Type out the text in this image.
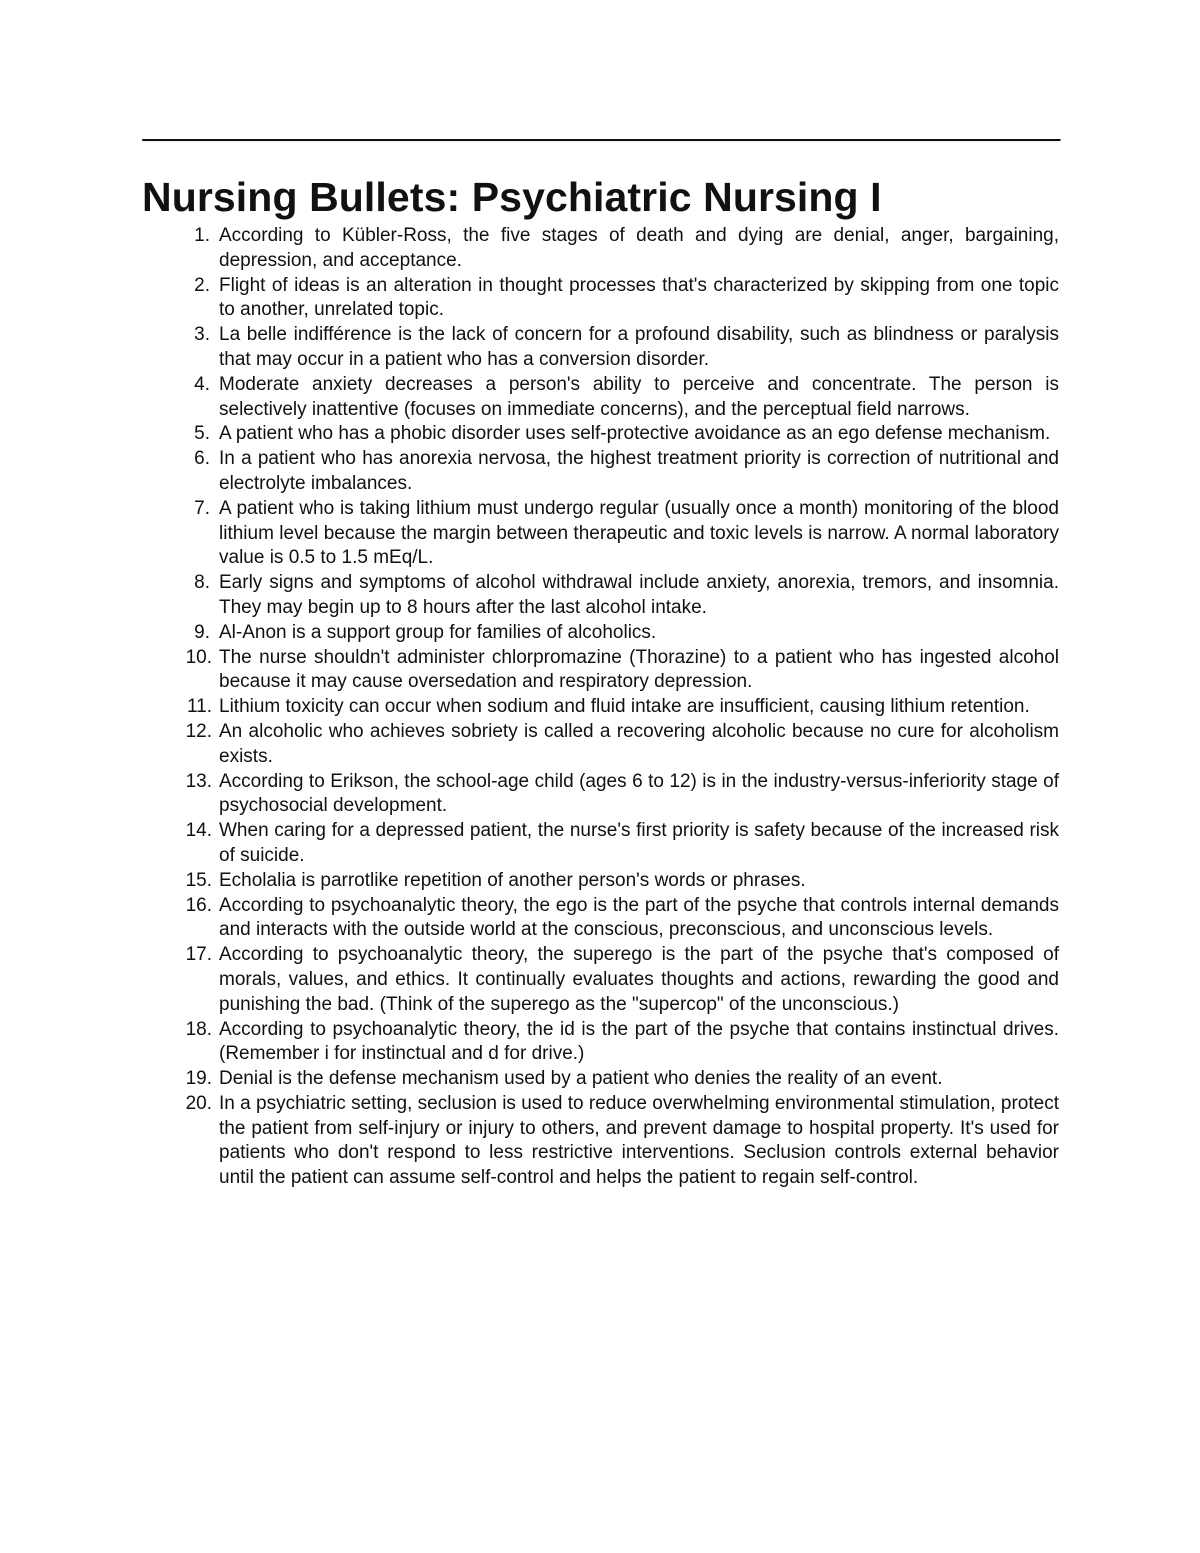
Nursing Bullets: Psychiatric Nursing I
1. According to Kübler-Ross, the five stages of death and dying are denial, anger, bargaining, depression, and acceptance.
2. Flight of ideas is an alteration in thought processes that's characterized by skipping from one topic to another, unrelated topic.
3. La belle indifférence is the lack of concern for a profound disability, such as blindness or paralysis that may occur in a patient who has a conversion disorder.
4. Moderate anxiety decreases a person's ability to perceive and concentrate. The person is selectively inattentive (focuses on immediate concerns), and the perceptual field narrows.
5. A patient who has a phobic disorder uses self-protective avoidance as an ego defense mechanism.
6. In a patient who has anorexia nervosa, the highest treatment priority is correction of nutritional and electrolyte imbalances.
7. A patient who is taking lithium must undergo regular (usually once a month) monitoring of the blood lithium level because the margin between therapeutic and toxic levels is narrow. A normal laboratory value is 0.5 to 1.5 mEq/L.
8. Early signs and symptoms of alcohol withdrawal include anxiety, anorexia, tremors, and insomnia. They may begin up to 8 hours after the last alcohol intake.
9. Al-Anon is a support group for families of alcoholics.
10. The nurse shouldn't administer chlorpromazine (Thorazine) to a patient who has ingested alcohol because it may cause oversedation and respiratory depression.
11. Lithium toxicity can occur when sodium and fluid intake are insufficient, causing lithium retention.
12. An alcoholic who achieves sobriety is called a recovering alcoholic because no cure for alcoholism exists.
13. According to Erikson, the school-age child (ages 6 to 12) is in the industry-versus-inferiority stage of psychosocial development.
14. When caring for a depressed patient, the nurse's first priority is safety because of the increased risk of suicide.
15. Echolalia is parrotlike repetition of another person's words or phrases.
16. According to psychoanalytic theory, the ego is the part of the psyche that controls internal demands and interacts with the outside world at the conscious, preconscious, and unconscious levels.
17. According to psychoanalytic theory, the superego is the part of the psyche that's composed of morals, values, and ethics. It continually evaluates thoughts and actions, rewarding the good and punishing the bad. (Think of the superego as the "supercop" of the unconscious.)
18. According to psychoanalytic theory, the id is the part of the psyche that contains instinctual drives. (Remember i for instinctual and d for drive.)
19. Denial is the defense mechanism used by a patient who denies the reality of an event.
20. In a psychiatric setting, seclusion is used to reduce overwhelming environmental stimulation, protect the patient from self-injury or injury to others, and prevent damage to hospital property. It's used for patients who don't respond to less restrictive interventions. Seclusion controls external behavior until the patient can assume self-control and helps the patient to regain self-control.
